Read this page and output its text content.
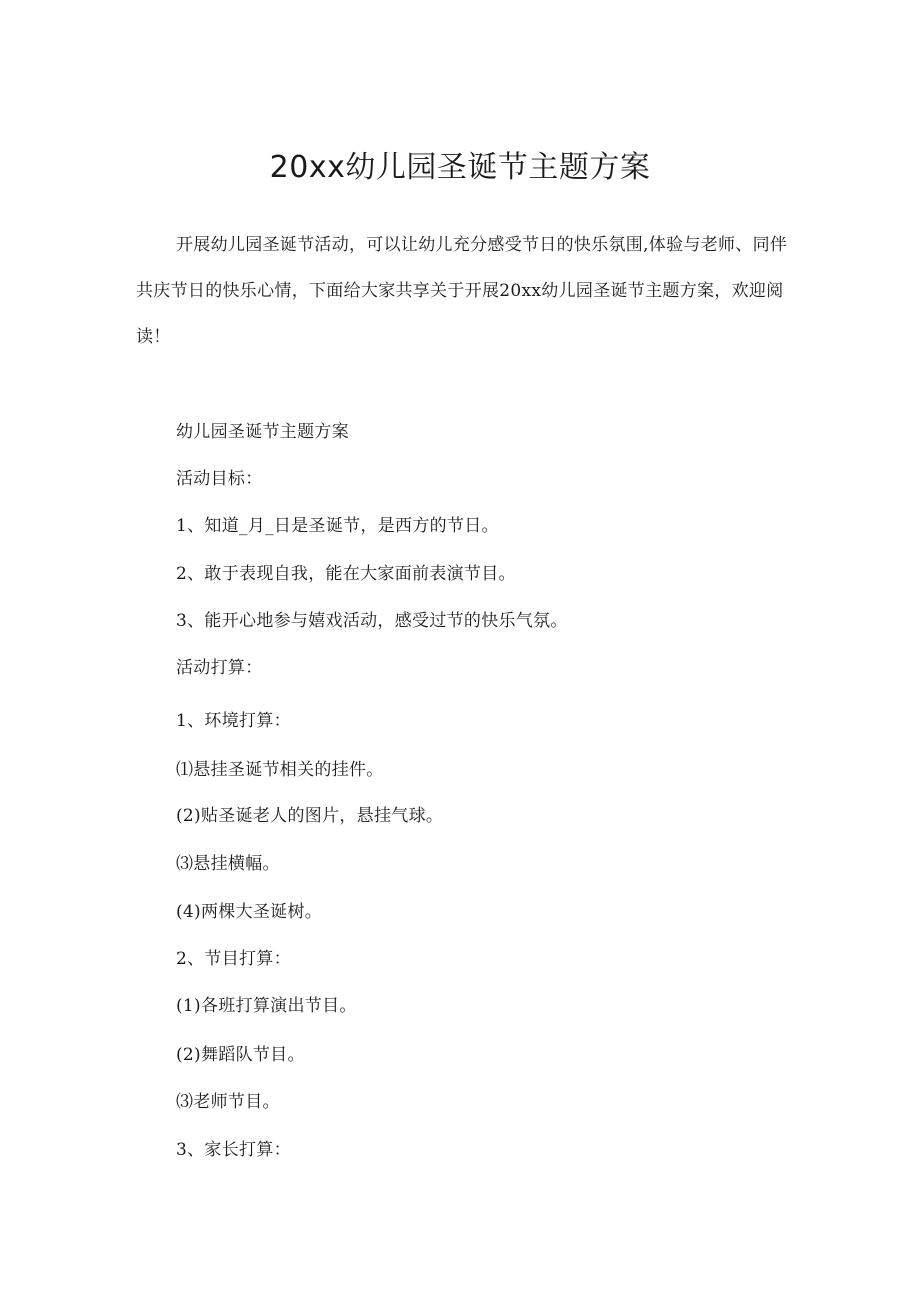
20xx幼儿园圣诞节主题方案

开展幼儿园圣诞节活动，可以让幼儿充分感受节日的快乐氛围,体验与老师、同伴共庆节日的快乐心情，下面给大家共享关于开展20xx幼儿园圣诞节主题方案，欢迎阅读！

幼儿园圣诞节主题方案

活动目标：

1、知道_月_日是圣诞节，是西方的节日。

2、敢于表现自我，能在大家面前表演节目。

3、能开心地参与嬉戏活动，感受过节的快乐气氛。

活动打算：

1、环境打算：

⑴悬挂圣诞节相关的挂件。

(2)贴圣诞老人的图片，悬挂气球。

⑶悬挂横幅。

(4)两棵大圣诞树。

2、节目打算：

(1)各班打算演出节目。

(2)舞蹈队节目。

⑶老师节目。

3、家长打算：
